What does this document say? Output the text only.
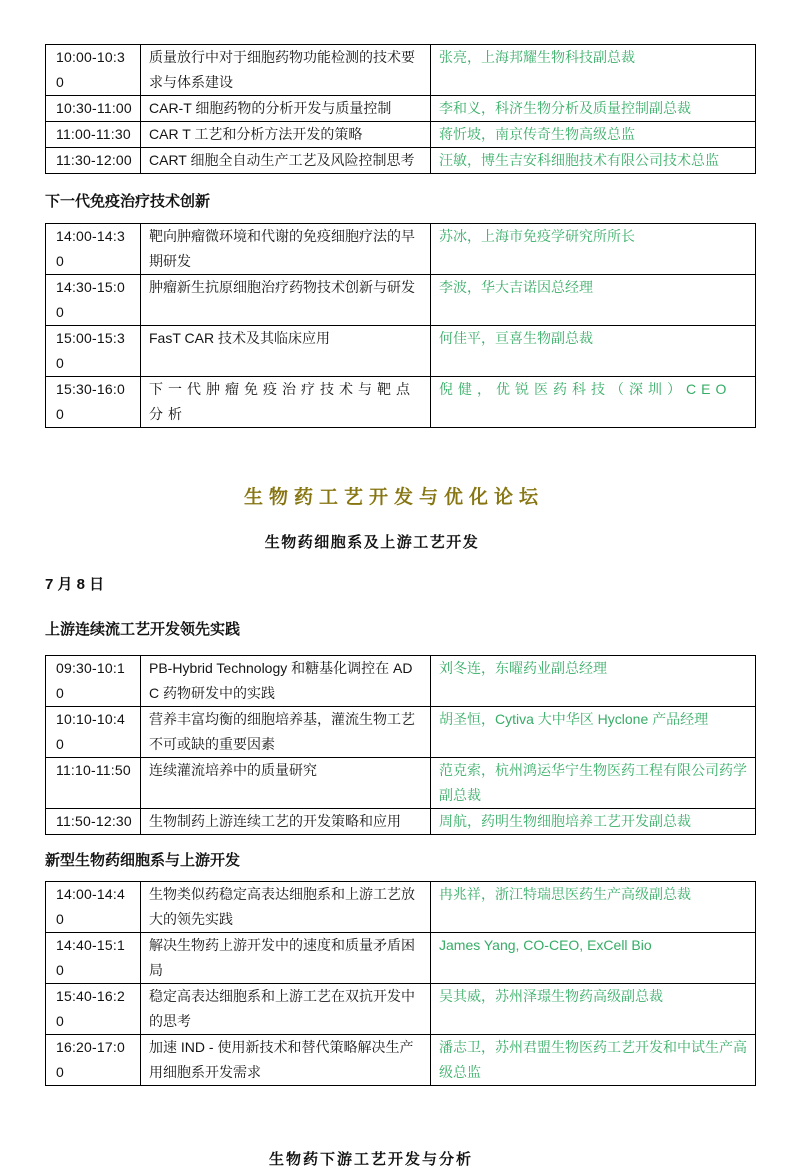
10:00-10:30	质量放行中对于细胞药物功能检测的技术要求与体系建设	张亮，上海邦耀生物科技副总裁
10:30-11:00	CAR-T 细胞药物的分析开发与质量控制	李和义，科济生物分析及质量控制副总裁
11:00-11:30	CAR T 工艺和分析方法开发的策略	蒋忻坡，南京传奇生物高级总监
11:30-12:00	CART 细胞全自动生产工艺及风险控制思考	汪敏，博生吉安科细胞技术有限公司技术总监
下一代免疫治疗技术创新
14:00-14:30	靶向肿瘤微环境和代谢的免疫细胞疗法的早期研发	苏冰，上海市免疫学研究所所长
14:30-15:00	肿瘤新生抗原细胞治疗药物技术创新与研发	李波，华大吉诺因总经理
15:00-15:30	FasT CAR 技术及其临床应用	何佳平，亘喜生物副总裁
15:30-16:00	下一代肿瘤免疫治疗技术与靶点分析	倪健，优锐医药科技（深圳）CEO
生物药工艺开发与优化论坛
生物药细胞系及上游工艺开发
7 月 8 日
上游连续流工艺开发领先实践
09:30-10:10	PB-Hybrid Technology 和糖基化调控在 ADC 药物研发中的实践	刘冬连，东曜药业副总经理
10:10-10:40	营养丰富均衡的细胞培养基，灌流生物工艺不可或缺的重要因素	胡圣恒，Cytiva 大中华区 Hyclone 产品经理
11:10-11:50	连续灌流培养中的质量研究	范克索，杭州鸿运华宁生物医药工程有限公司药学副总裁
11:50-12:30	生物制药上游连续工艺的开发策略和应用	周航，药明生物细胞培养工艺开发副总裁
新型生物药细胞系与上游开发
14:00-14:40	生物类似药稳定高表达细胞系和上游工艺放大的领先实践	冉兆祥，浙江特瑞思医药生产高级副总裁
14:40-15:10	解决生物药上游开发中的速度和质量矛盾困局	James Yang, CO-CEO, ExCell Bio
15:40-16:20	稳定高表达细胞系和上游工艺在双抗开发中的思考	吴其威，苏州泽璟生物药高级副总裁
16:20-17:00	加速 IND - 使用新技术和替代策略解决生产用细胞系开发需求	潘志卫，苏州君盟生物医药工艺开发和中试生产高级总监
生物药下游工艺开发与分析
